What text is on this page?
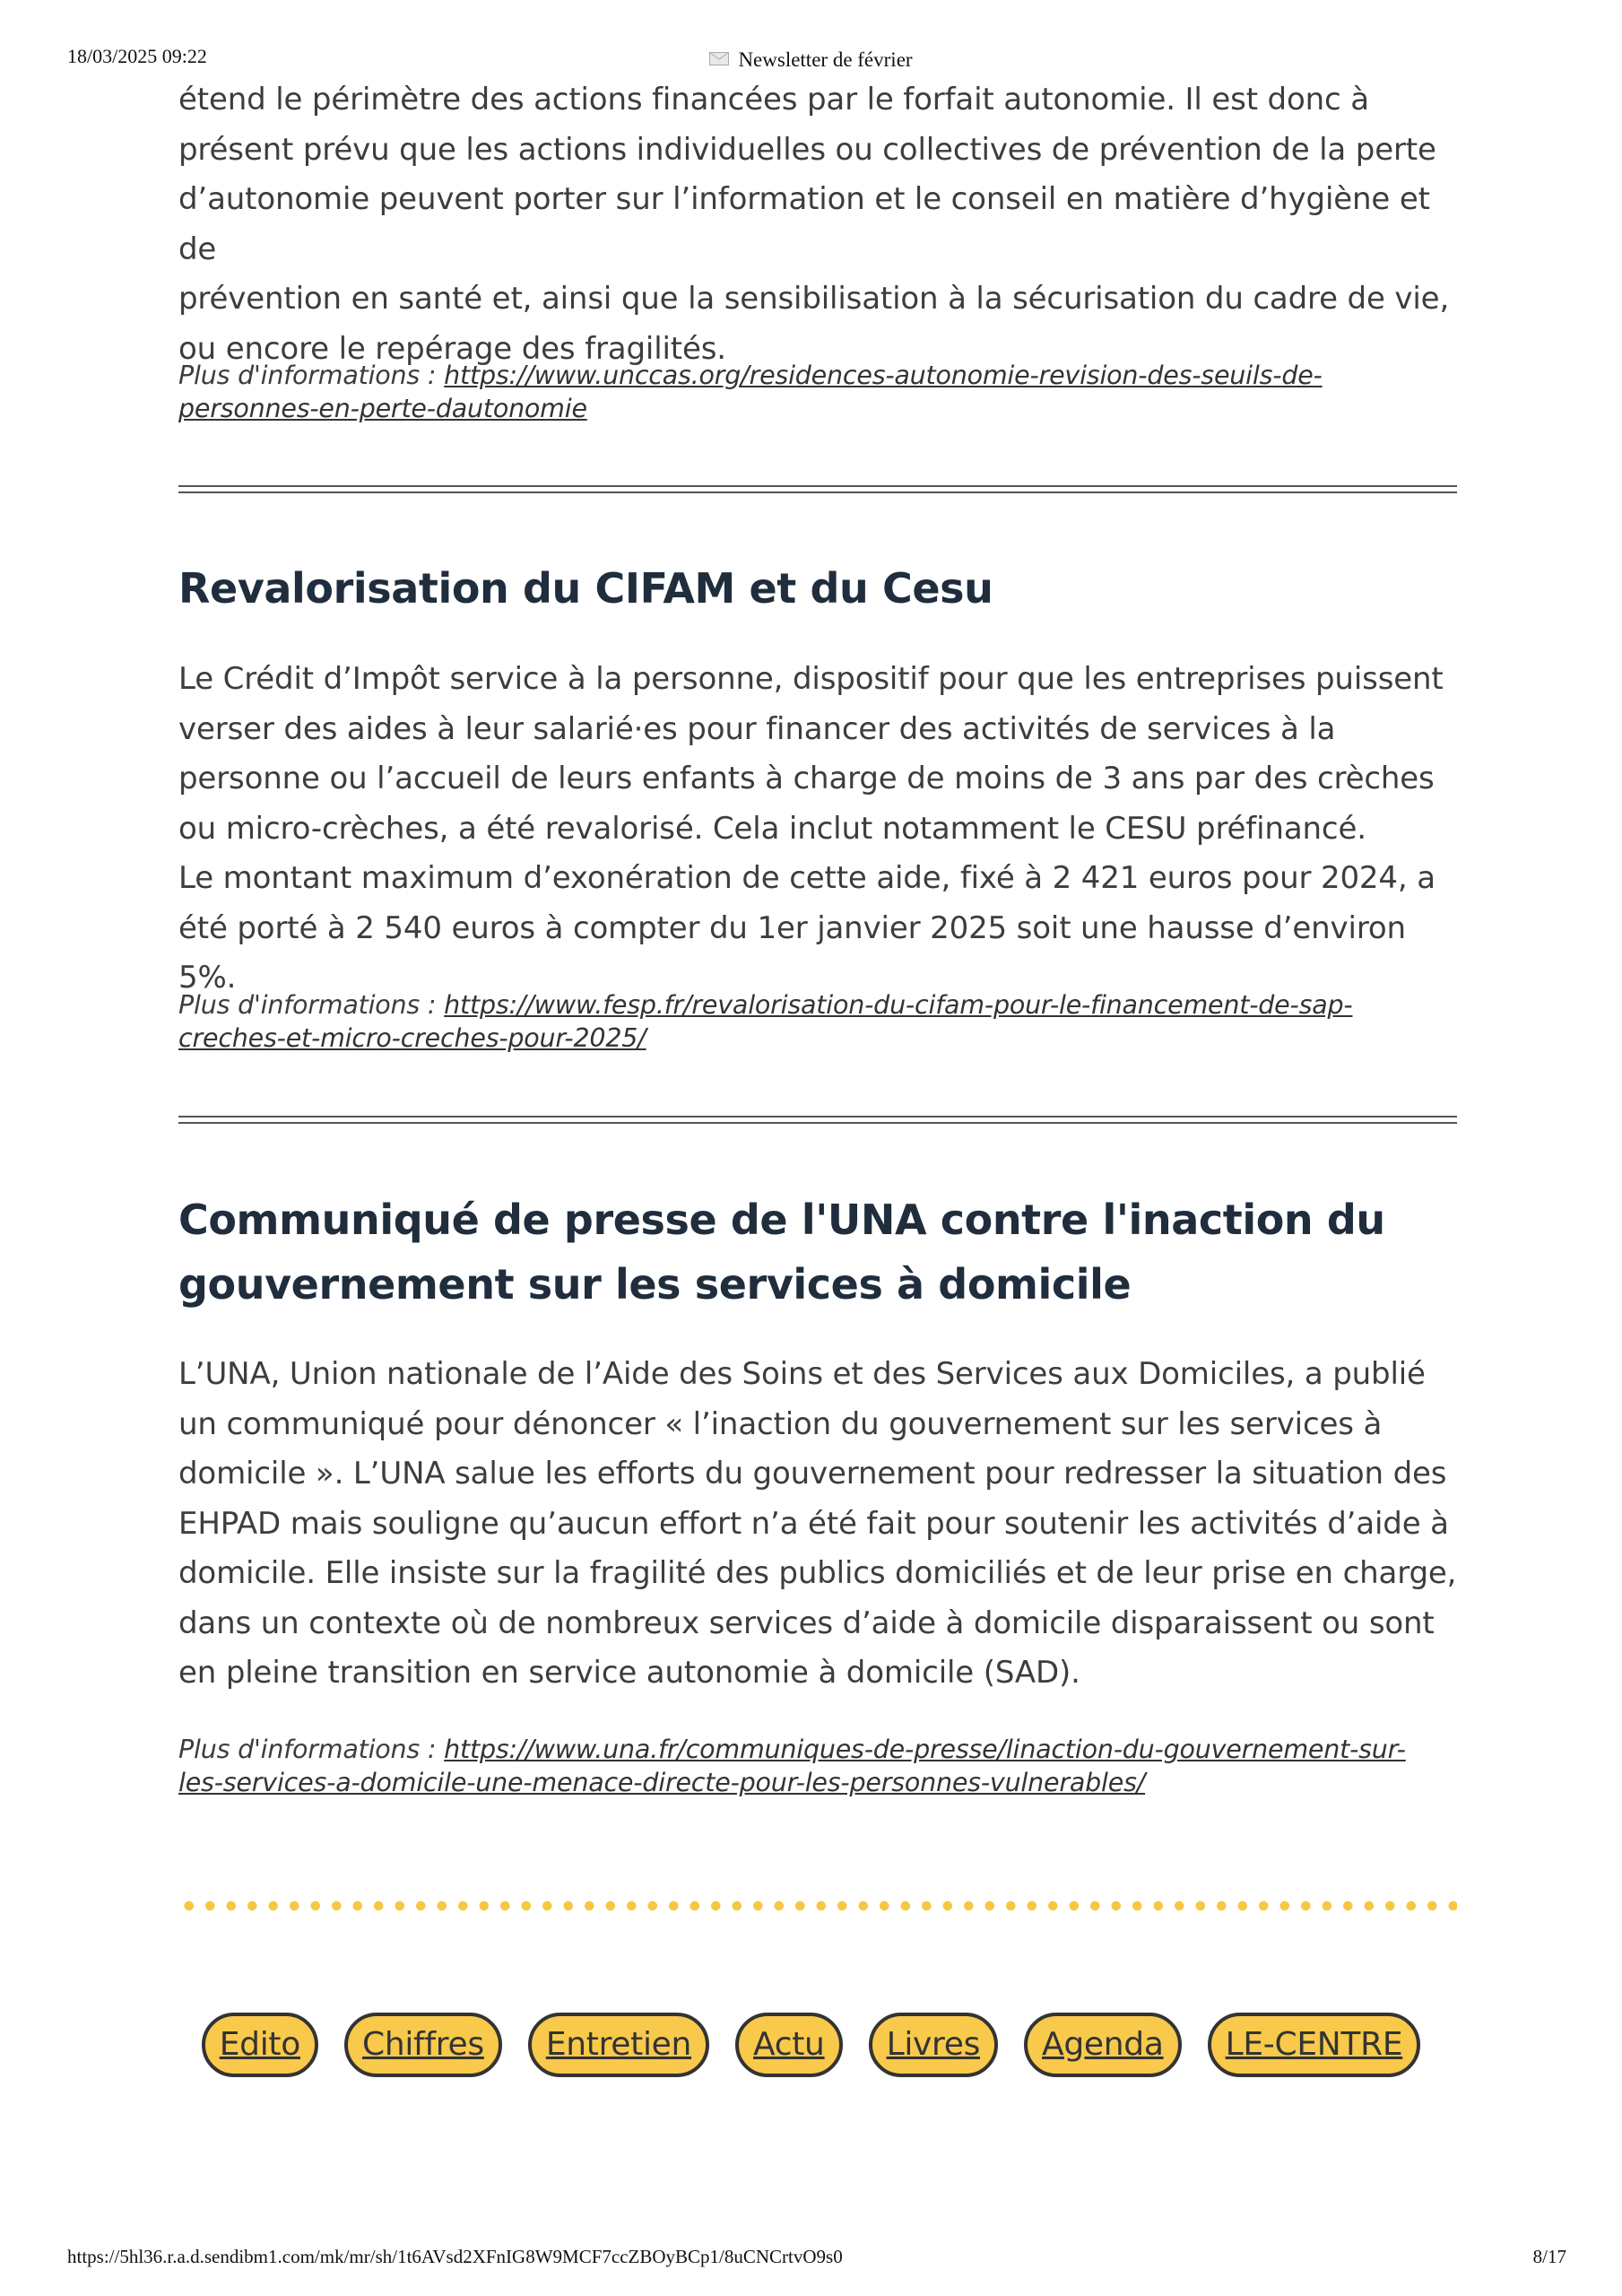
18/03/2025 09:22	Newsletter de février

étend le périmètre des actions financées par le forfait autonomie. Il est donc à
présent prévu que les actions individuelles ou collectives de prévention de la perte
d’autonomie peuvent porter sur l’information et le conseil en matière d’hygiène et de
prévention en santé et, ainsi que la sensibilisation à la sécurisation du cadre de vie,
ou encore le repérage des fragilités.

Plus d'informations : https://www.unccas.org/residences-autonomie-revision-des-seuils-de-
personnes-en-perte-dautonomie

Revalorisation du CIFAM et du Cesu

Le Crédit d’Impôt service à la personne, dispositif pour que les entreprises puissent
verser des aides à leur salarié·es pour financer des activités de services à la
personne ou l’accueil de leurs enfants à charge de moins de 3 ans par des crèches
ou micro-crèches, a été revalorisé. Cela inclut notamment le CESU préfinancé.
Le montant maximum d’exonération de cette aide, fixé à 2 421 euros pour 2024, a
été porté à 2 540 euros à compter du 1er janvier 2025 soit une hausse d’environ 5%.

Plus d'informations : https://www.fesp.fr/revalorisation-du-cifam-pour-le-financement-de-sap-
creches-et-micro-creches-pour-2025/

Communiqué de presse de l'UNA contre l'inaction du
gouvernement sur les services à domicile

L’UNA, Union nationale de l’Aide des Soins et des Services aux Domiciles, a publié
un communiqué pour dénoncer « l’inaction du gouvernement sur les services à
domicile ». L’UNA salue les efforts du gouvernement pour redresser la situation des
EHPAD mais souligne qu’aucun effort n’a été fait pour soutenir les activités d’aide à
domicile. Elle insiste sur la fragilité des publics domiciliés et de leur prise en charge,
dans un contexte où de nombreux services d’aide à domicile disparaissent ou sont
en pleine transition en service autonomie à domicile (SAD).

Plus d'informations : https://www.una.fr/communiques-de-presse/linaction-du-gouvernement-sur-
les-services-a-domicile-une-menace-directe-pour-les-personnes-vulnerables/

Edito	Chiffres	Entretien	Actu	Livres	Agenda	LE-CENTRE
https://5hl36.r.a.d.sendibm1.com/mk/mr/sh/1t6AVsd2XFnIG8W9MCF7ccZBOyBCp1/8uCNCrtvO9s0	8/17
